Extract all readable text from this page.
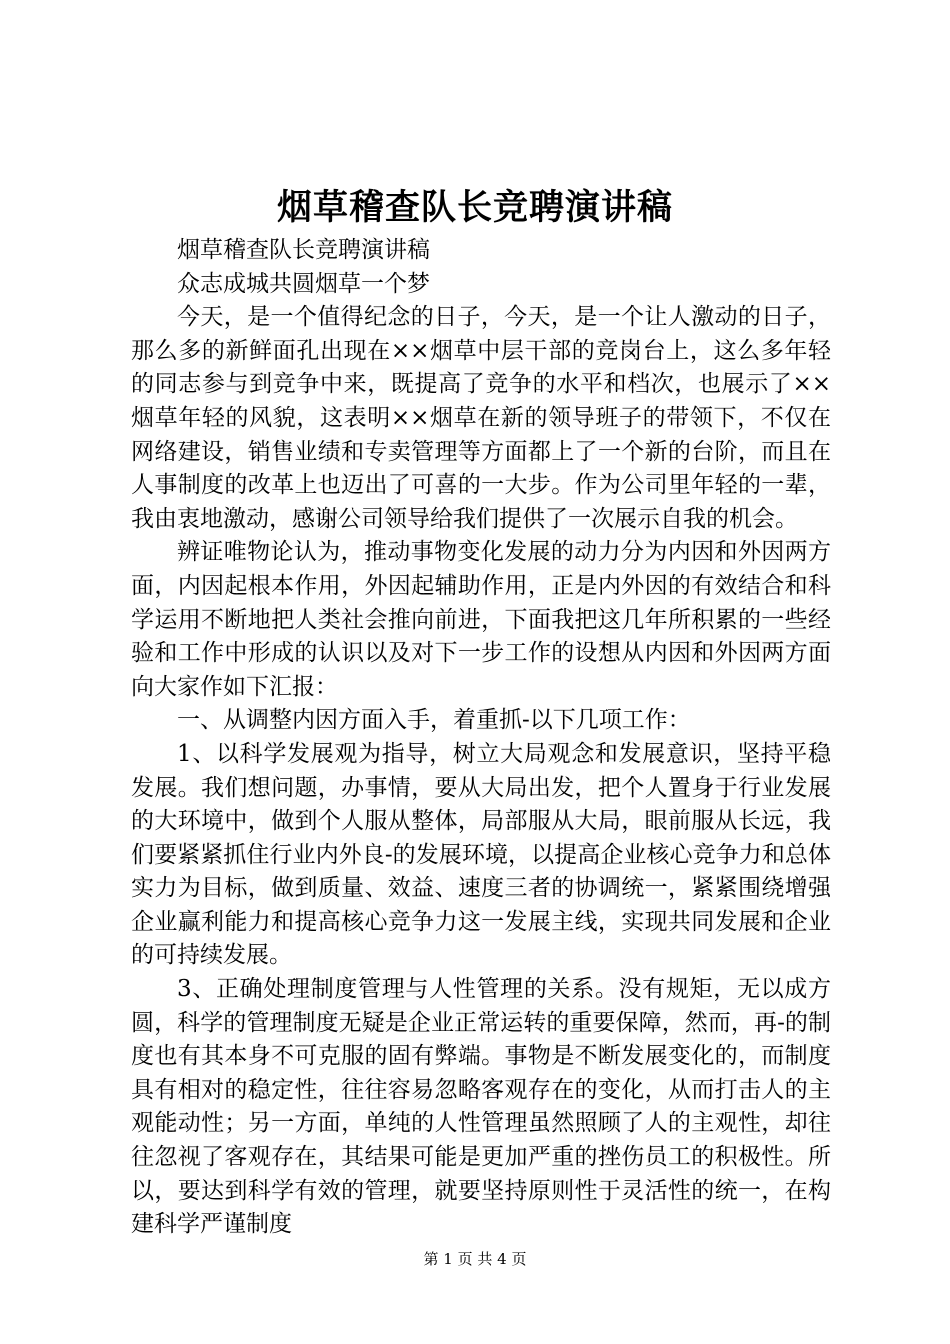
烟草稽查队长竞聘演讲稿

烟草稽查队长竞聘演讲稿

众志成城共圆烟草一个梦

今天，是一个值得纪念的日子，今天，是一个让人激动的日子，那么多的新鲜面孔出现在××烟草中层干部的竞岗台上，这么多年轻的同志参与到竞争中来，既提高了竞争的水平和档次，也展示了××烟草年轻的风貌，这表明××烟草在新的领导班子的带领下，不仅在网络建设，销售业绩和专卖管理等方面都上了一个新的台阶，而且在人事制度的改革上也迈出了可喜的一大步。作为公司里年轻的一辈，我由衷地激动，感谢公司领导给我们提供了一次展示自我的机会。

辨证唯物论认为，推动事物变化发展的动力分为内因和外因两方面，内因起根本作用，外因起辅助作用，正是内外因的有效结合和科学运用不断地把人类社会推向前进，下面我把这几年所积累的一些经验和工作中形成的认识以及对下一步工作的设想从内因和外因两方面向大家作如下汇报：

一、从调整内因方面入手，着重抓-以下几项工作：

1、以科学发展观为指导，树立大局观念和发展意识，坚持平稳发展。我们想问题，办事情，要从大局出发，把个人置身于行业发展的大环境中，做到个人服从整体，局部服从大局，眼前服从长远，我们要紧紧抓住行业内外良-的发展环境，以提高企业核心竞争力和总体实力为目标，做到质量、效益、速度三者的协调统一，紧紧围绕增强企业赢利能力和提高核心竞争力这一发展主线，实现共同发展和企业的可持续发展。

3、正确处理制度管理与人性管理的关系。没有规矩，无以成方圆，科学的管理制度无疑是企业正常运转的重要保障，然而，再-的制度也有其本身不可克服的固有弊端。事物是不断发展变化的，而制度具有相对的稳定性，往往容易忽略客观存在的变化，从而打击人的主观能动性；另一方面，单纯的人性管理虽然照顾了人的主观性，却往往忽视了客观存在，其结果可能是更加严重的挫伤员工的积极性。所以，要达到科学有效的管理，就要坚持原则性于灵活性的统一，在构建科学严谨制度

第 1 页 共 4 页
